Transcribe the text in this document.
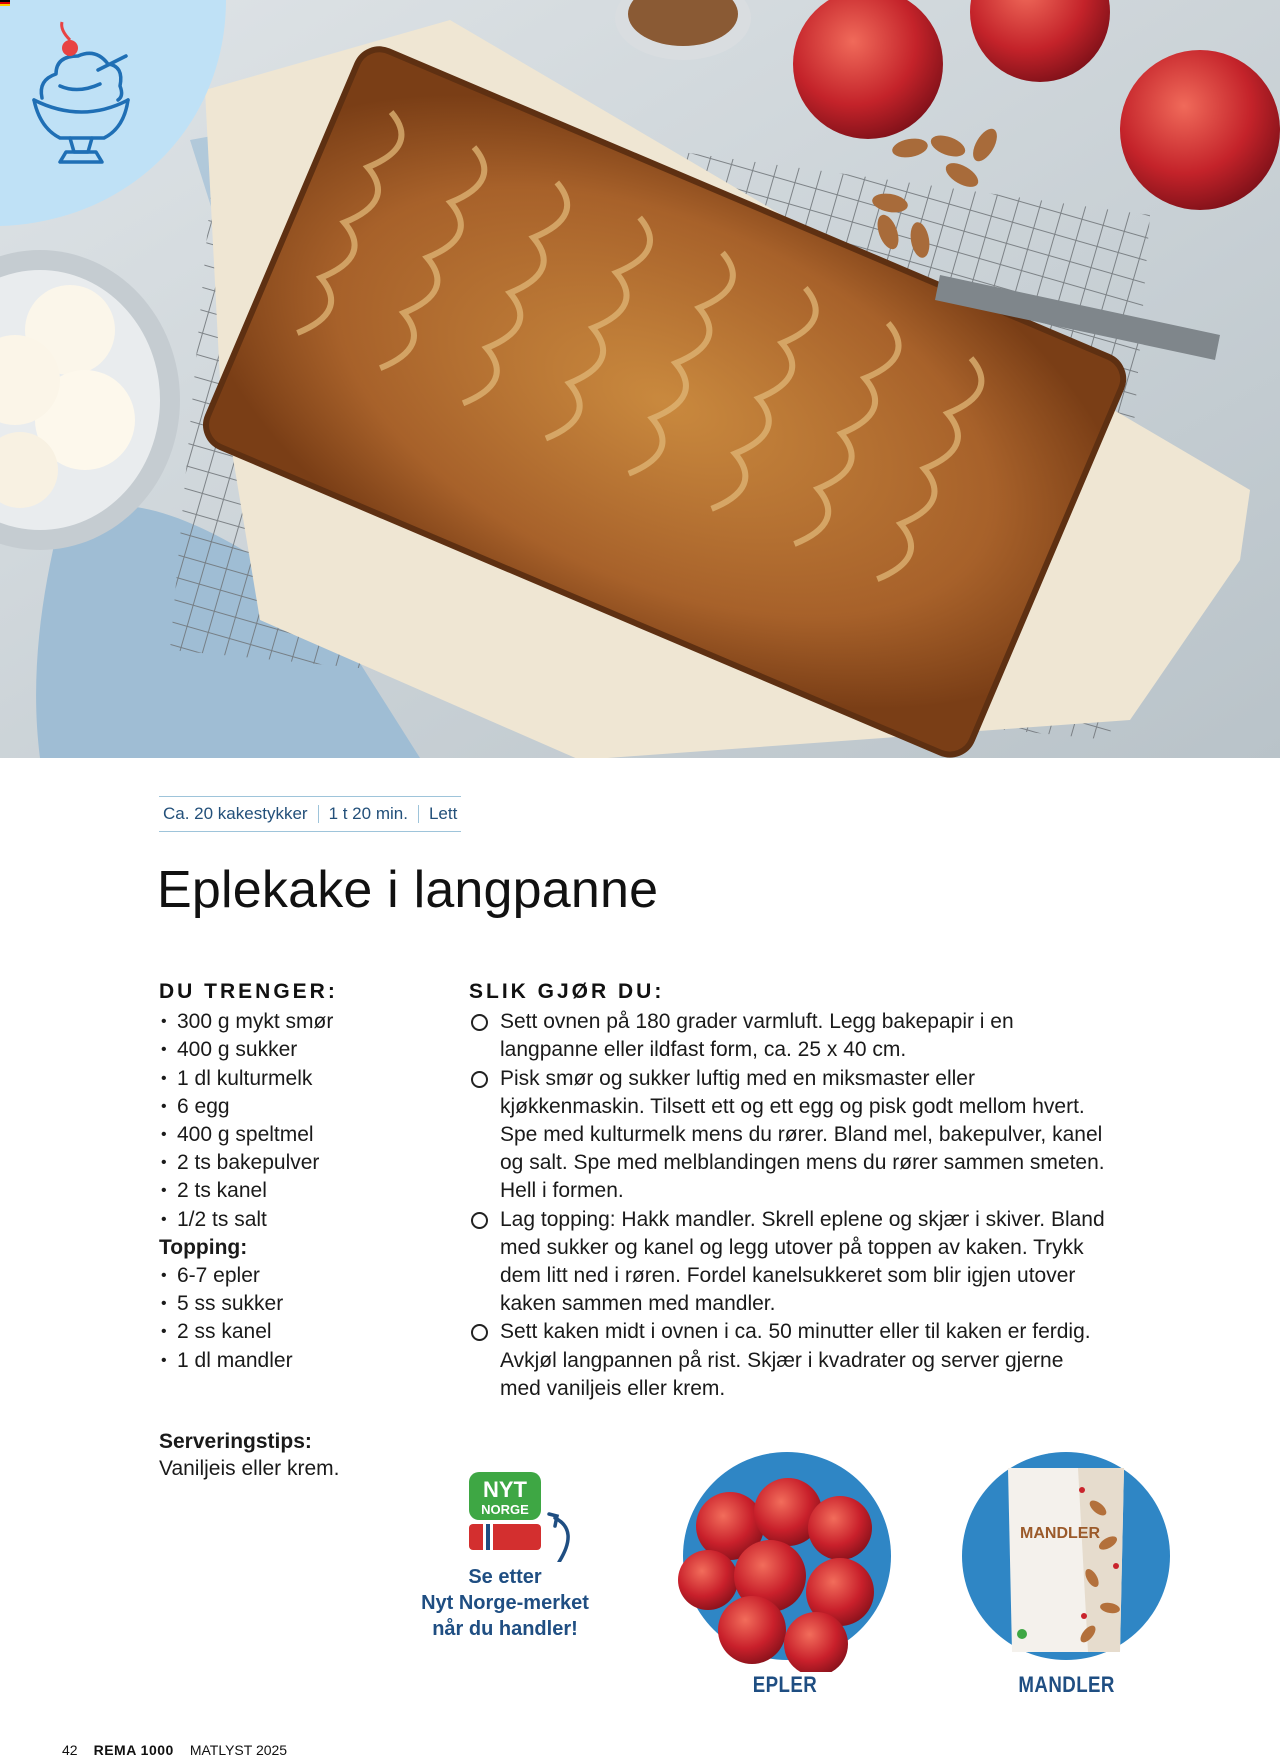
Ca. 20 kakestykker 1 t 20 min. Lett
Eplekake i langpanne
DU TRENGER:
• 300 g mykt smør
• 400 g sukker
• 1 dl kulturmelk
• 6 egg
• 400 g speltmel
• 2 ts bakepulver
• 2 ts kanel
• 1/2 ts salt
Topping:
• 6-7 epler
• 5 ss sukker
• 2 ss kanel
• 1 dl mandler
Serveringstips:
Vaniljeis eller krem.
SLIK GJØR DU:
Sett ovnen på 180 grader varmluft. Legg bakepapir i en langpanne eller ildfast form, ca. 25 x 40 cm.
Pisk smør og sukker luftig med en miksmaster eller kjøkkenmaskin. Tilsett ett og ett egg og pisk godt mellom hvert. Spe med kulturmelk mens du rører. Bland mel, bakepulver, kanel og salt. Spe med melblandingen mens du rører sammen smeten. Hell i formen.
Lag topping: Hakk mandler. Skrell eplene og skjær i skiver. Bland med sukker og kanel og legg utover på toppen av kaken. Trykk dem litt ned i røren. Fordel kanelsukkeret som blir igjen utover kaken sammen med mandler.
Sett kaken midt i ovnen i ca. 50 minutter eller til kaken er ferdig. Avkjøl langpannen på rist. Skjær i kvadrater og server gjerne med vaniljeis eller krem.
NYT
NORGE
Se etter
Nyt Norge-merket
når du handler!
EPLER
MANDLER
MANDLER
42 REMA 1000 MATLYST 2025
